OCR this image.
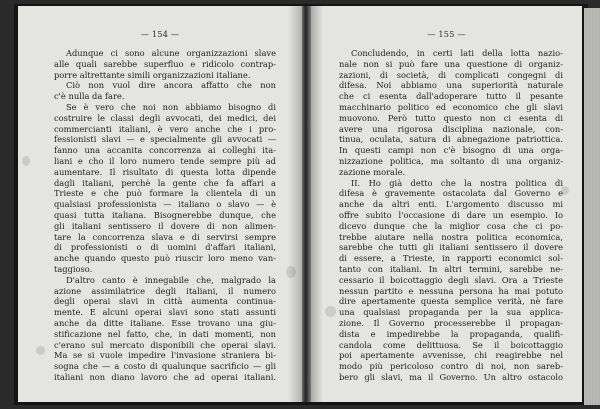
— 154 —
Adunque ci sono alcune organizzazioni slave
alle quali sarebbe superfluo e ridicolo contrap-
porre altrettante simili organizzazioni italiane.
Ciò non vuol dire ancora affatto che non
c'è nulla da fare.
Se è vero che noi non abbiamo bisogno di
costruire le classi degli avvocati, dei medici, dei
commercianti italiani, è vero anche che i pro-
fessionisti slavi — e specialmente gli avvocati —
fanno una accanita concorrenza ai colleghi ita-
liani e cho il loro numero tende sempre più ad
aumentare. Il risultato di questa lotta dipende
dagli italiani, perchè la gente che fa affari a
Trieste e che può formare la clientela di un
qualsiasi professionista — italiano o slavo — è
quasi tutta italiana. Bisognerebbe dunque, che
gli italiani sentissero il dovere di non alimen-
tare la concorrenza slava e di servirsi sempre
di professionisti o di uomini d'affari italiani,
anche quando questo può riuscir loro meno van-
taggioso.
D'altro canto è innegabile che, malgrado la
azione assimilatrice degli italiani, il numero
degli operai slavi in città aumenta continua-
mente. E alcuni operai slavi sono stati assunti
anche da ditte italiane. Esse trovano una giu-
stificazione nel fatto, che, in dati momenti, non
c'erano sul mercato disponibili che operai slavi.
Ma se si vuole impedire l'invasione straniera bi-
sogna che — a costo di qualunque sacrificio — gli
italiani non diano lavoro che ad operai italiani.
— 155 —
Concludendo, in certi lati della lotta nazio-
nale non si può fare una questione di organiz-
zazioni, di società, di complicati congegni di
difesa. Noi abbiamo una superiorità naturale
che ci esenta dall'adoperare tutto il pesante
macchinario politico ed economico che gli slavi
muovono. Però tutto questo non ci esenta di
avere una rigorosa disciplina nazionale, con-
tinua, oculata, satura di abnegazione patriottica.
In questi campi non c'è bisogno di una orga-
nizzazione politica, ma soltanto di una organiz-
zazione morale.
II. Ho già detto che la nostra politica di
difesa è gravemente ostacolata dal Governo e
anche da altri enti. L'argomento discusso mi
offre subito l'occasione di dare un esempio. Io
dicevo dunque che la miglior cosa che ci po-
trebbe aiutare nella nostra politica economica,
sarebbe che tutti gli italiani sentissero il dovere
di essere, a Trieste, in rapporti economici sol-
tanto con italiani. In altri termini, sarebbe ne-
cessario il boicottaggio degli slavi. Ora a Trieste
nessun partito e nessuna persona ha mai potuto
dire apertamente questa semplice verità, nè fare
una qualsiasi propaganda per la sua applica-
zione. Il Governo processerebbe il propagan-
dista e impedirebbe la propaganda, qualifi-
candola come delittuosa. Se il boicottaggio
poi apertamente avvenisse, chi reagirebbe nel
modo più pericoloso contro di noi, non sareb-
bero gli slavi, ma il Governo. Un altro ostacolo
